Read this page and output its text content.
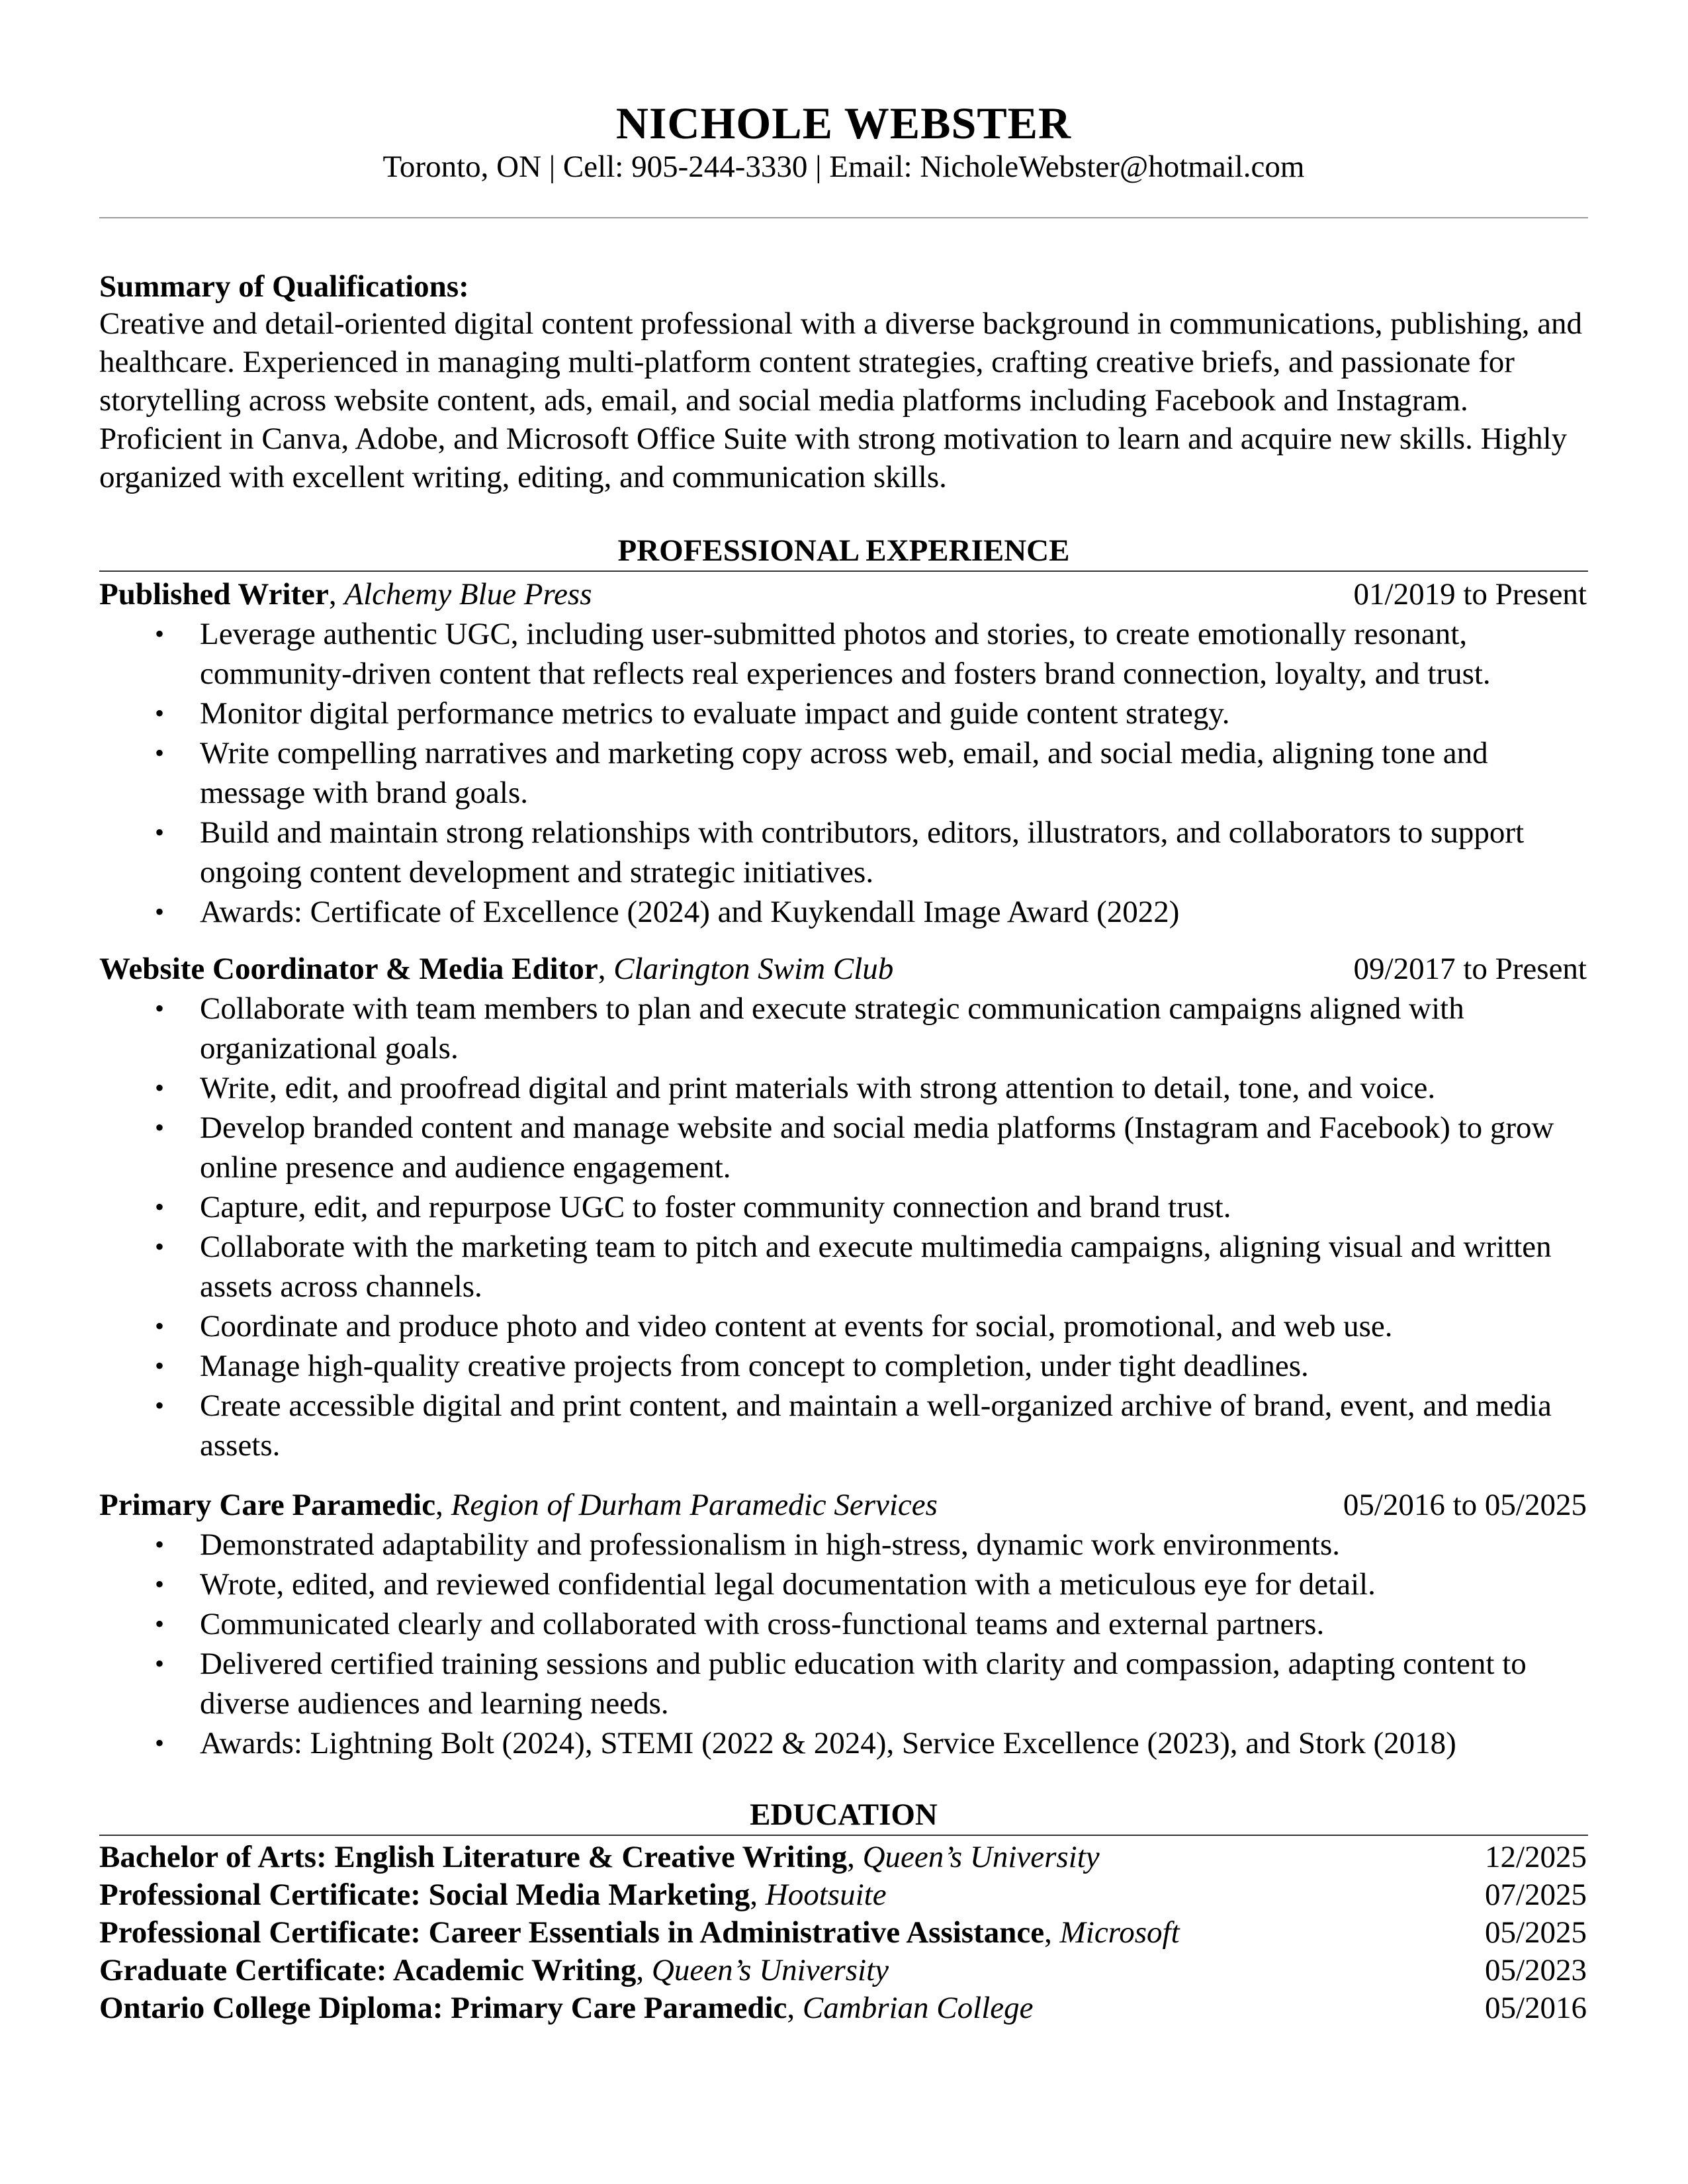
NICHOLE WEBSTER
Toronto, ON | Cell: 905-244-3330 | Email: NicholeWebster@hotmail.com
Summary of Qualifications:
Creative and detail-oriented digital content professional with a diverse background in communications, publishing, and healthcare. Experienced in managing multi-platform content strategies, crafting creative briefs, and passionate for storytelling across website content, ads, email, and social media platforms including Facebook and Instagram. Proficient in Canva, Adobe, and Microsoft Office Suite with strong motivation to learn and acquire new skills. Highly organized with excellent writing, editing, and communication skills.
PROFESSIONAL EXPERIENCE
Published Writer, Alchemy Blue Press	01/2019 to Present
• Leverage authentic UGC, including user-submitted photos and stories, to create emotionally resonant, community-driven content that reflects real experiences and fosters brand connection, loyalty, and trust.
• Monitor digital performance metrics to evaluate impact and guide content strategy.
• Write compelling narratives and marketing copy across web, email, and social media, aligning tone and message with brand goals.
• Build and maintain strong relationships with contributors, editors, illustrators, and collaborators to support ongoing content development and strategic initiatives.
• Awards: Certificate of Excellence (2024) and Kuykendall Image Award (2022)
Website Coordinator & Media Editor, Clarington Swim Club	09/2017 to Present
• Collaborate with team members to plan and execute strategic communication campaigns aligned with organizational goals.
• Write, edit, and proofread digital and print materials with strong attention to detail, tone, and voice.
• Develop branded content and manage website and social media platforms (Instagram and Facebook) to grow online presence and audience engagement.
• Capture, edit, and repurpose UGC to foster community connection and brand trust.
• Collaborate with the marketing team to pitch and execute multimedia campaigns, aligning visual and written assets across channels.
• Coordinate and produce photo and video content at events for social, promotional, and web use.
• Manage high-quality creative projects from concept to completion, under tight deadlines.
• Create accessible digital and print content, and maintain a well-organized archive of brand, event, and media assets.
Primary Care Paramedic, Region of Durham Paramedic Services	05/2016 to 05/2025
• Demonstrated adaptability and professionalism in high-stress, dynamic work environments.
• Wrote, edited, and reviewed confidential legal documentation with a meticulous eye for detail.
• Communicated clearly and collaborated with cross-functional teams and external partners.
• Delivered certified training sessions and public education with clarity and compassion, adapting content to diverse audiences and learning needs.
• Awards: Lightning Bolt (2024), STEMI (2022 & 2024), Service Excellence (2023), and Stork (2018)
EDUCATION
Bachelor of Arts: English Literature & Creative Writing, Queen’s University	12/2025
Professional Certificate: Social Media Marketing, Hootsuite	07/2025
Professional Certificate: Career Essentials in Administrative Assistance, Microsoft	05/2025
Graduate Certificate: Academic Writing, Queen’s University	05/2023
Ontario College Diploma: Primary Care Paramedic, Cambrian College	05/2016
